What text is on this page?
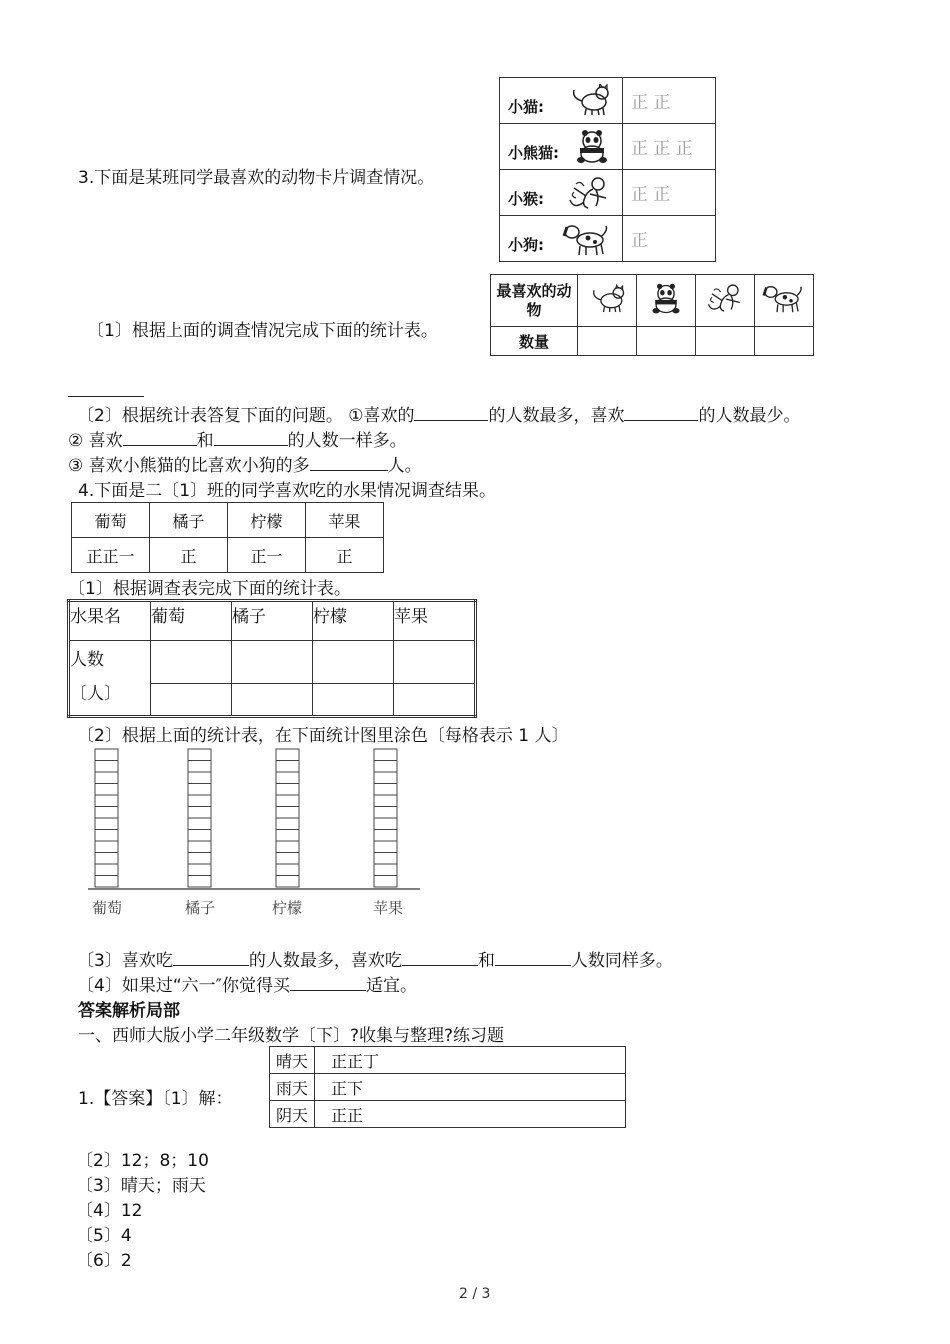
3.下面是某班同学最喜欢的动物卡片调查情况。
小猫:	正 正

小熊猫:	正 正 正

小猴:	正 正

小狗:	正
〔1〕根据上面的调查情况完成下面的统计表。
最喜欢的动物				
数量				
〔2〕根据统计表答复下面的问题。 ①喜欢的	的人数最多，喜欢	的人数最少。
② 喜欢	和	的人数一样多。
③ 喜欢小熊猫的比喜欢小狗的多	人。
4.下面是二〔1〕班的同学喜欢吃的水果情况调查结果。
葡萄	橘子	柠檬	苹果
正正一	正	正一	正
〔1〕根据调查表完成下面的统计表。
水果名	葡萄	橘子	柠檬	苹果

人数
〔人〕				

〔2〕根据上面的统计表，在下面统计图里涂色〔每格表示 1 人〕
葡萄	橘子	柠檬	苹果
〔3〕喜欢吃	的人数最多，喜欢吃	和	人数同样多。
〔4〕如果过“六一″你觉得买	适宜。
答案解析局部
一、西师大版小学二年级数学〔下〕?收集与整理?练习题
1.【答案】〔1〕解：
晴天	正正丁
雨天	正下
阴天	正正
〔2〕12；8；10
〔3〕晴天；雨天
〔4〕12
〔5〕4
〔6〕2
2 / 3
